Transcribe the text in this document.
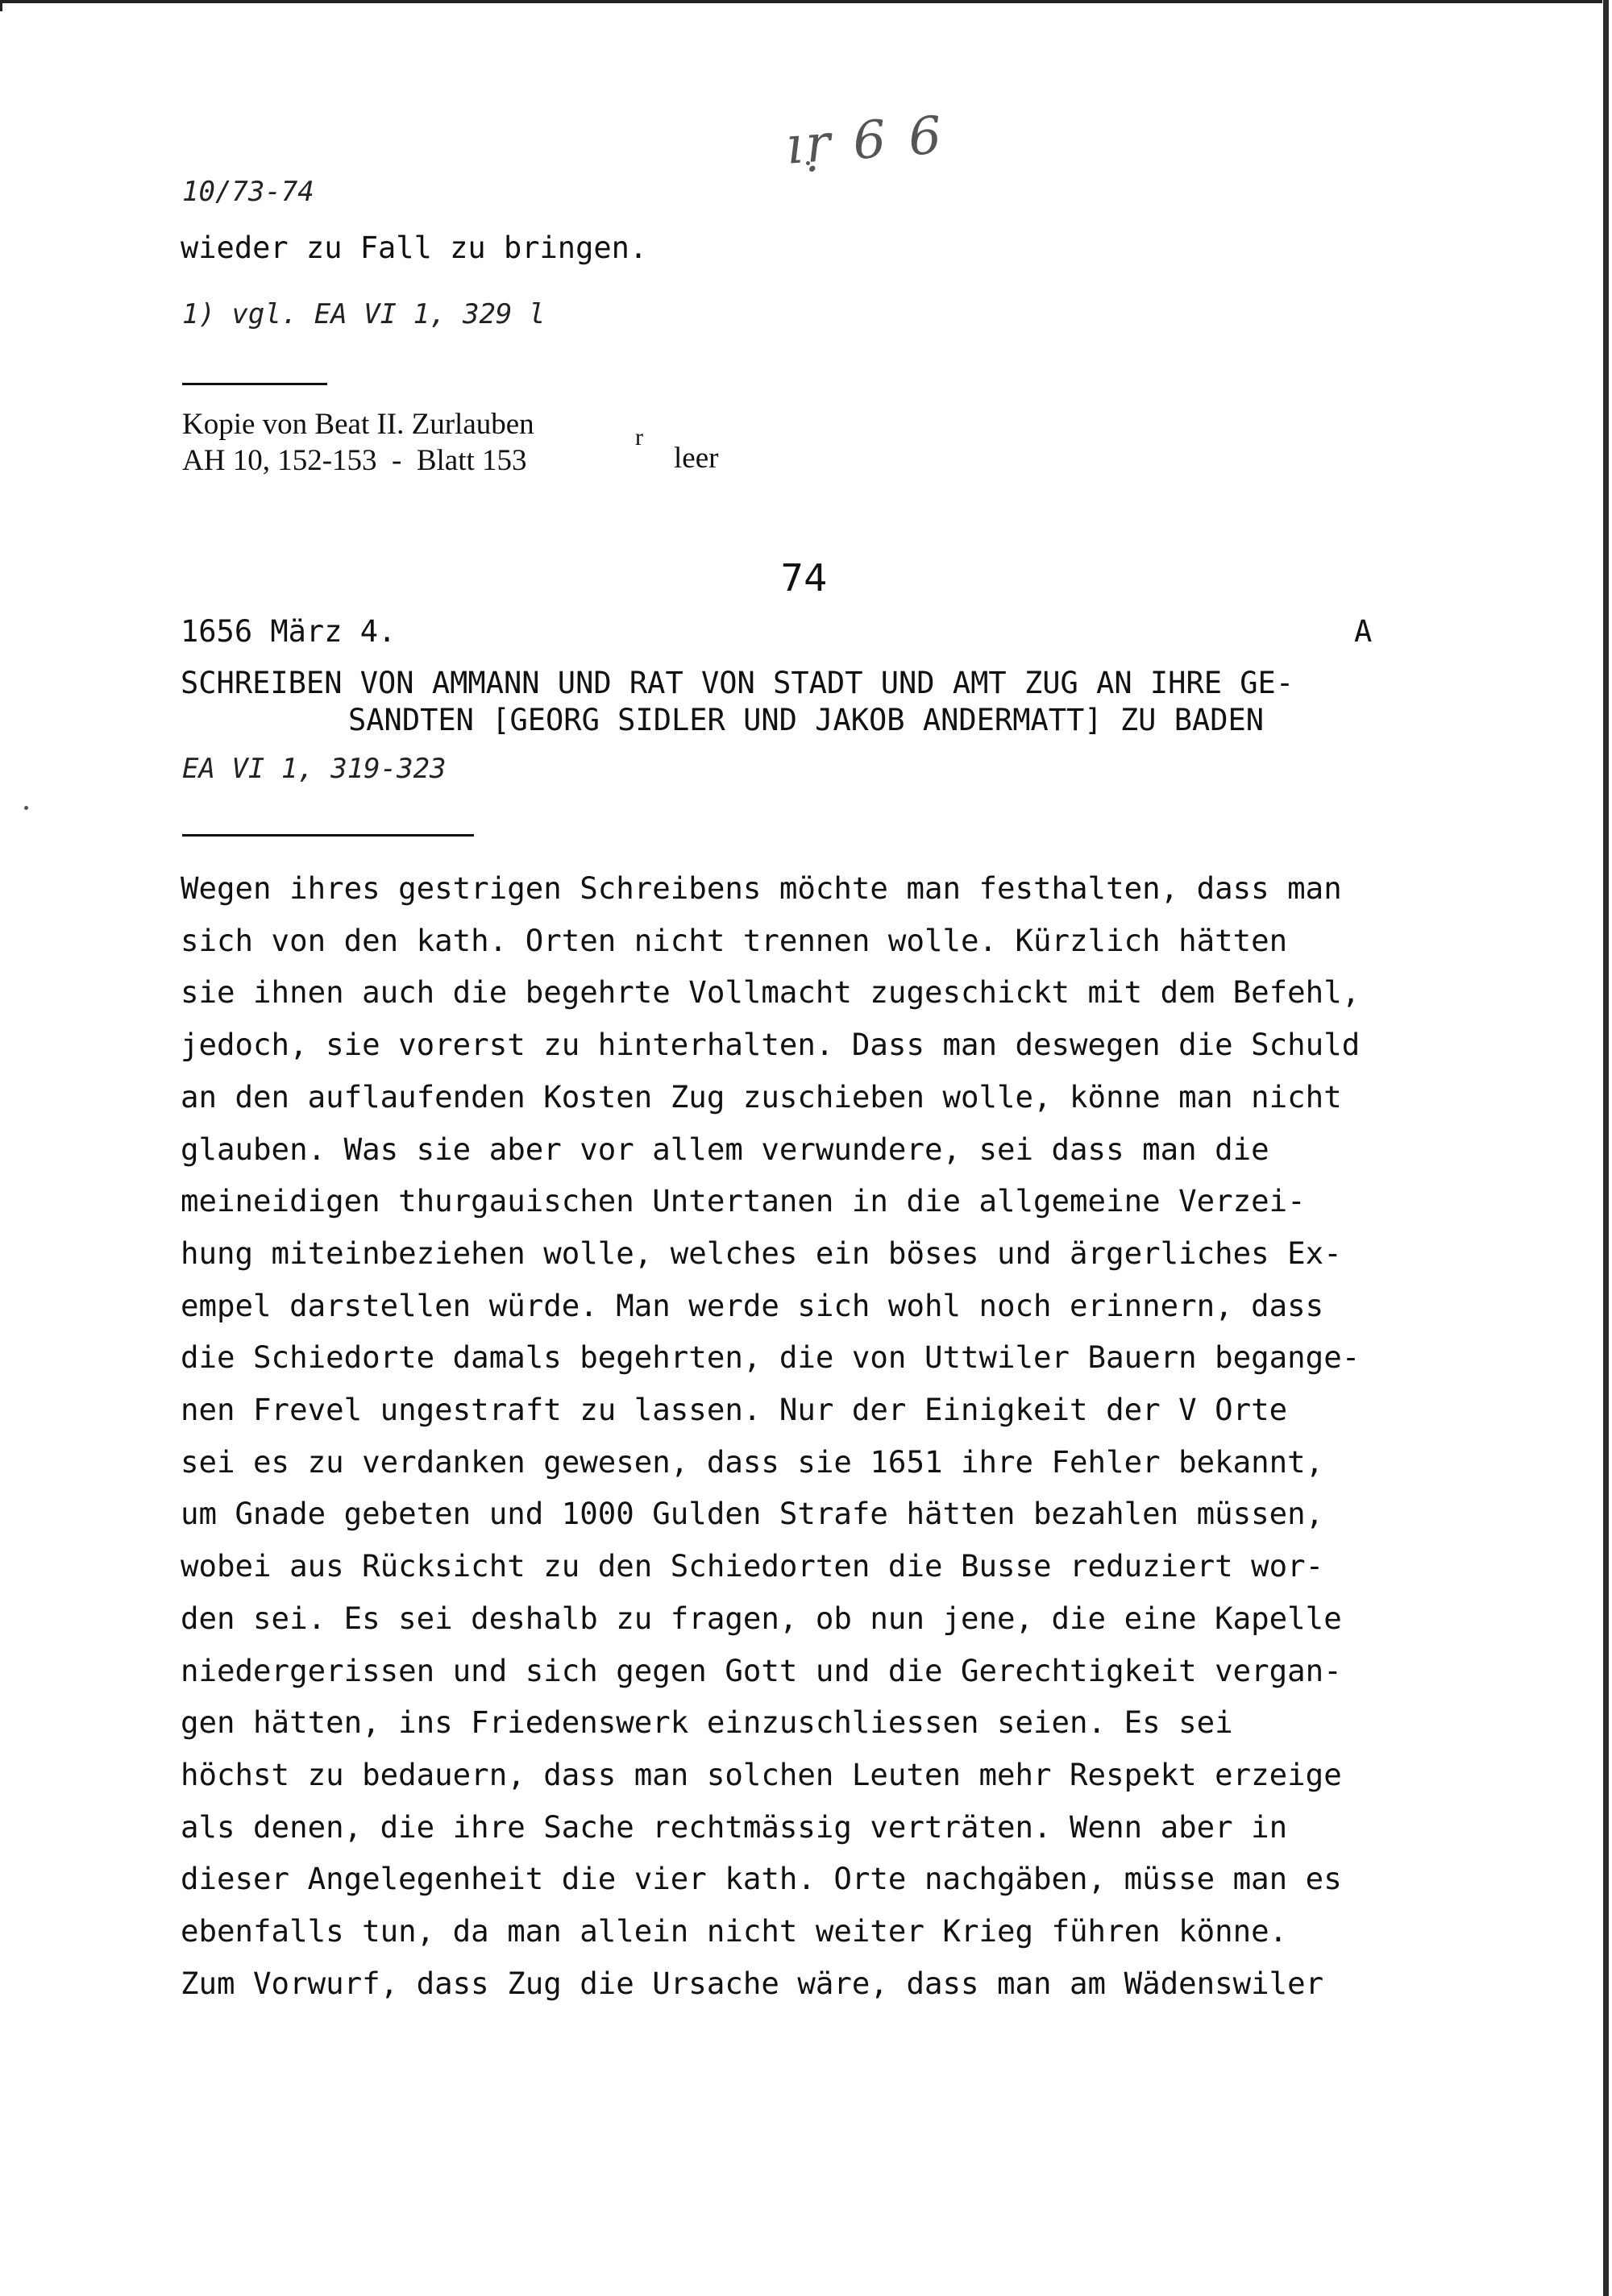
ıṛ 6 6
10/73-74
wieder zu Fall zu bringen.
1) vgl. EA VI 1, 329 l
Kopie von Beat II. Zurlauben
AH 10, 152-153  -  Blatt 153
r
leer
74
1656 März 4.	A
SCHREIBEN VON AMMANN UND RAT VON STADT UND AMT ZUG AN IHRE GE-
SANDTEN [GEORG SIDLER UND JAKOB ANDERMATT] ZU BADEN
EA VI 1, 319-323
Wegen ihres gestrigen Schreibens möchte man festhalten, dass man
sich von den kath. Orten nicht trennen wolle. Kürzlich hätten
sie ihnen auch die begehrte Vollmacht zugeschickt mit dem Befehl,
jedoch, sie vorerst zu hinterhalten. Dass man deswegen die Schuld
an den auflaufenden Kosten Zug zuschieben wolle, könne man nicht
glauben. Was sie aber vor allem verwundere, sei dass man die
meineidigen thurgauischen Untertanen in die allgemeine Verzei-
hung miteinbeziehen wolle, welches ein böses und ärgerliches Ex-
empel darstellen würde. Man werde sich wohl noch erinnern, dass
die Schiedorte damals begehrten, die von Uttwiler Bauern begange-
nen Frevel ungestraft zu lassen. Nur der Einigkeit der V Orte
sei es zu verdanken gewesen, dass sie 1651 ihre Fehler bekannt,
um Gnade gebeten und 1000 Gulden Strafe hätten bezahlen müssen,
wobei aus Rücksicht zu den Schiedorten die Busse reduziert wor-
den sei. Es sei deshalb zu fragen, ob nun jene, die eine Kapelle
niedergerissen und sich gegen Gott und die Gerechtigkeit vergan-
gen hätten, ins Friedenswerk einzuschliessen seien. Es sei
höchst zu bedauern, dass man solchen Leuten mehr Respekt erzeige
als denen, die ihre Sache rechtmässig verträten. Wenn aber in
dieser Angelegenheit die vier kath. Orte nachgäben, müsse man es
ebenfalls tun, da man allein nicht weiter Krieg führen könne.
Zum Vorwurf, dass Zug die Ursache wäre, dass man am Wädenswiler
